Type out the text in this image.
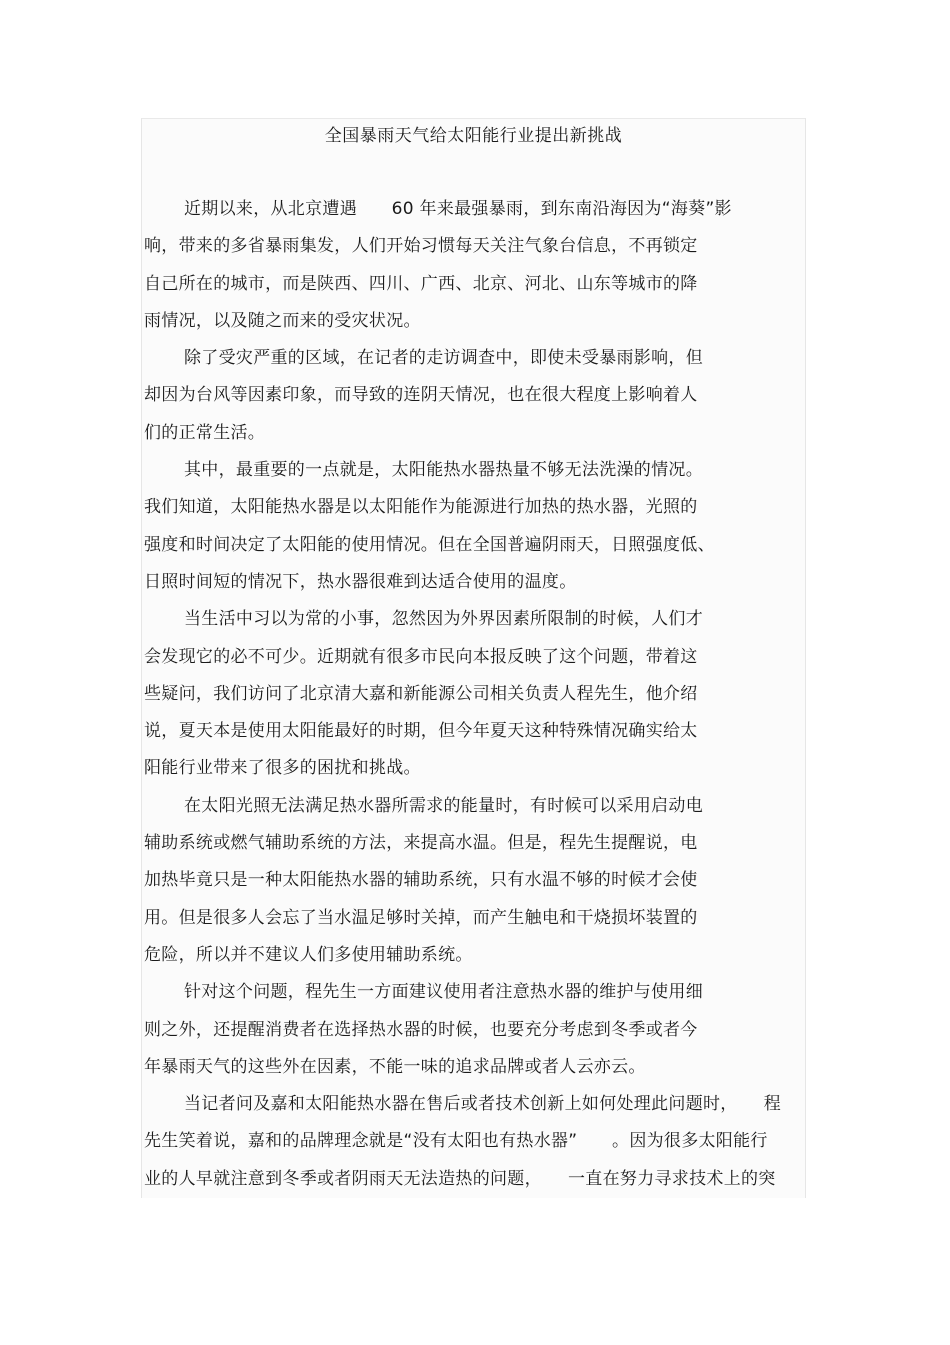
全国暴雨天气给太阳能行业提出新挑战
近期以来，从北京遭遇　　60 年来最强暴雨，到东南沿海因为“海葵”影
响，带来的多省暴雨集发，人们开始习惯每天关注气象台信息，不再锁定
自己所在的城市，而是陕西、四川、广西、北京、河北、山东等城市的降
雨情况，以及随之而来的受灾状况。
除了受灾严重的区域，在记者的走访调查中，即使未受暴雨影响，但
却因为台风等因素印象，而导致的连阴天情况，也在很大程度上影响着人
们的正常生活。
其中，最重要的一点就是，太阳能热水器热量不够无法洗澡的情况。
我们知道，太阳能热水器是以太阳能作为能源进行加热的热水器，光照的
强度和时间决定了太阳能的使用情况。但在全国普遍阴雨天，日照强度低、
日照时间短的情况下，热水器很难到达适合使用的温度。
当生活中习以为常的小事，忽然因为外界因素所限制的时候，人们才
会发现它的必不可少。近期就有很多市民向本报反映了这个问题，带着这
些疑问，我们访问了北京清大嘉和新能源公司相关负责人程先生，他介绍
说，夏天本是使用太阳能最好的时期，但今年夏天这种特殊情况确实给太
阳能行业带来了很多的困扰和挑战。
在太阳光照无法满足热水器所需求的能量时，有时候可以采用启动电
辅助系统或燃气辅助系统的方法，来提高水温。但是，程先生提醒说，电
加热毕竟只是一种太阳能热水器的辅助系统，只有水温不够的时候才会使
用。但是很多人会忘了当水温足够时关掉，而产生触电和干烧损坏装置的
危险，所以并不建议人们多使用辅助系统。
针对这个问题，程先生一方面建议使用者注意热水器的维护与使用细
则之外，还提醒消费者在选择热水器的时候，也要充分考虑到冬季或者今
年暴雨天气的这些外在因素，不能一味的追求品牌或者人云亦云。
当记者问及嘉和太阳能热水器在售后或者技术创新上如何处理此问题时，　　程
先生笑着说，嘉和的品牌理念就是“没有太阳也有热水器”　　。因为很多太阳能行
业的人早就注意到冬季或者阴雨天无法造热的问题，　　一直在努力寻求技术上的突
